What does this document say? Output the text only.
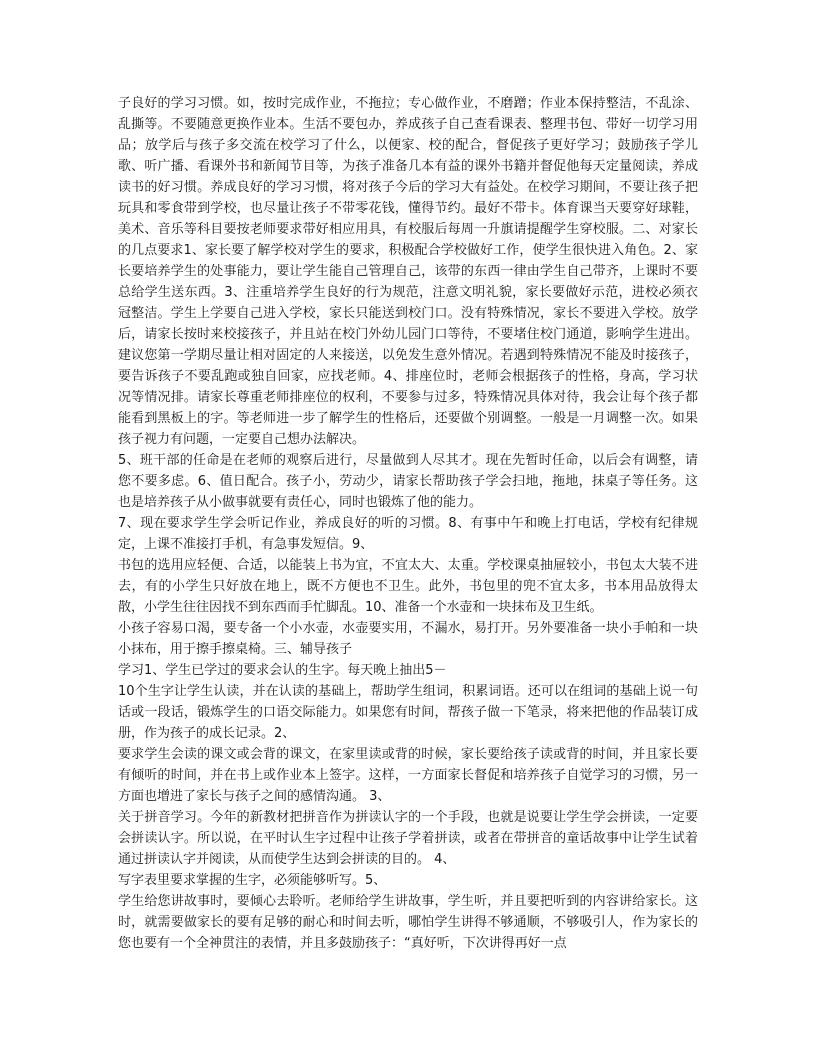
子良好的学习习惯。如，按时完成作业，不拖拉；专心做作业，不磨蹭；作业本保持整洁，不乱涂、乱撕等。不要随意更换作业本。生活不要包办，养成孩子自己查看课表、整理书包、带好一切学习用品；放学后与孩子多交流在校学习了什么，以便家、校的配合，督促孩子更好学习；鼓励孩子学儿歌、听广播、看课外书和新闻节目等，为孩子准备几本有益的课外书籍并督促他每天定量阅读，养成读书的好习惯。养成良好的学习习惯，将对孩子今后的学习大有益处。在校学习期间，不要让孩子把玩具和零食带到学校，也尽量让孩子不带零花钱，懂得节约。最好不带卡。体育课当天要穿好球鞋，美术、音乐等科目要按老师要求带好相应用具，有校服后每周一升旗请提醒学生穿校服。二、对家长的几点要求1、家长要了解学校对学生的要求，积极配合学校做好工作，使学生很快进入角色。2、家长要培养学生的处事能力，要让学生能自己管理自己，该带的东西一律由学生自己带齐，上课时不要总给学生送东西。3、注重培养学生良好的行为规范，注意文明礼貌，家长要做好示范，进校必须衣冠整洁。学生上学要自己进入学校，家长只能送到校门口。没有特殊情况，家长不要进入学校。放学后，请家长按时来校接孩子，并且站在校门外幼儿园门口等待，不要堵住校门通道，影响学生进出。建议您第一学期尽量让相对固定的人来接送，以免发生意外情况。若遇到特殊情况不能及时接孩子，要告诉孩子不要乱跑或独自回家，应找老师。4、排座位时，老师会根据孩子的性格，身高，学习状况等情况排。请家长尊重老师排座位的权利，不要参与过多，特殊情况具体对待，我会让每个孩子都能看到黑板上的字。等老师进一步了解学生的性格后，还要做个别调整。一般是一月调整一次。如果孩子视力有问题，一定要自己想办法解决。

5、班干部的任命是在老师的观察后进行，尽量做到人尽其才。现在先暂时任命，以后会有调整，请您不要多虑。6、值日配合。孩子小，劳动少，请家长帮助孩子学会扫地，拖地，抹桌子等任务。这也是培养孩子从小做事就要有责任心，同时也锻炼了他的能力。

7、现在要求学生学会听记作业，养成良好的听的习惯。8、有事中午和晚上打电话，学校有纪律规定，上课不准接打手机，有急事发短信。9、

书包的选用应轻便、合适，以能装上书为宜，不宜太大、太重。学校课桌抽屉较小，书包太大装不进去，有的小学生只好放在地上，既不方便也不卫生。此外，书包里的兜不宜太多，书本用品放得太散，小学生往往因找不到东西而手忙脚乱。10、准备一个水壶和一块抹布及卫生纸。

小孩子容易口渴，要专备一个小水壶，水壶要实用，不漏水，易打开。另外要准备一块小手帕和一块小抹布，用于擦手擦桌椅。三、辅导孩子

学习1、学生已学过的要求会认的生字。每天晚上抽出5－

10个生字让学生认读，并在认读的基础上，帮助学生组词，积累词语。还可以在组词的基础上说一句话或一段话，锻炼学生的口语交际能力。如果您有时间，帮孩子做一下笔录，将来把他的作品装订成册，作为孩子的成长记录。2、

要求学生会读的课文或会背的课文，在家里读或背的时候，家长要给孩子读或背的时间，并且家长要有倾听的时间，并在书上或作业本上签字。这样，一方面家长督促和培养孩子自觉学习的习惯，另一方面也增进了家长与孩子之间的感情沟通。 3、

关于拼音学习。今年的新教材把拼音作为拼读认字的一个手段，也就是说要让学生学会拼读，一定要会拼读认字。所以说，在平时认生字过程中让孩子学着拼读，或者在带拼音的童话故事中让学生试着通过拼读认字并阅读，从而使学生达到会拼读的目的。 4、

写字表里要求掌握的生字，必须能够听写。5、

学生给您讲故事时，要倾心去聆听。老师给学生讲故事，学生听，并且要把听到的内容讲给家长。这时，就需要做家长的要有足够的耐心和时间去听，哪怕学生讲得不够通顺，不够吸引人，作为家长的您也要有一个全神贯注的表情，并且多鼓励孩子：“真好听，下次讲得再好一点
